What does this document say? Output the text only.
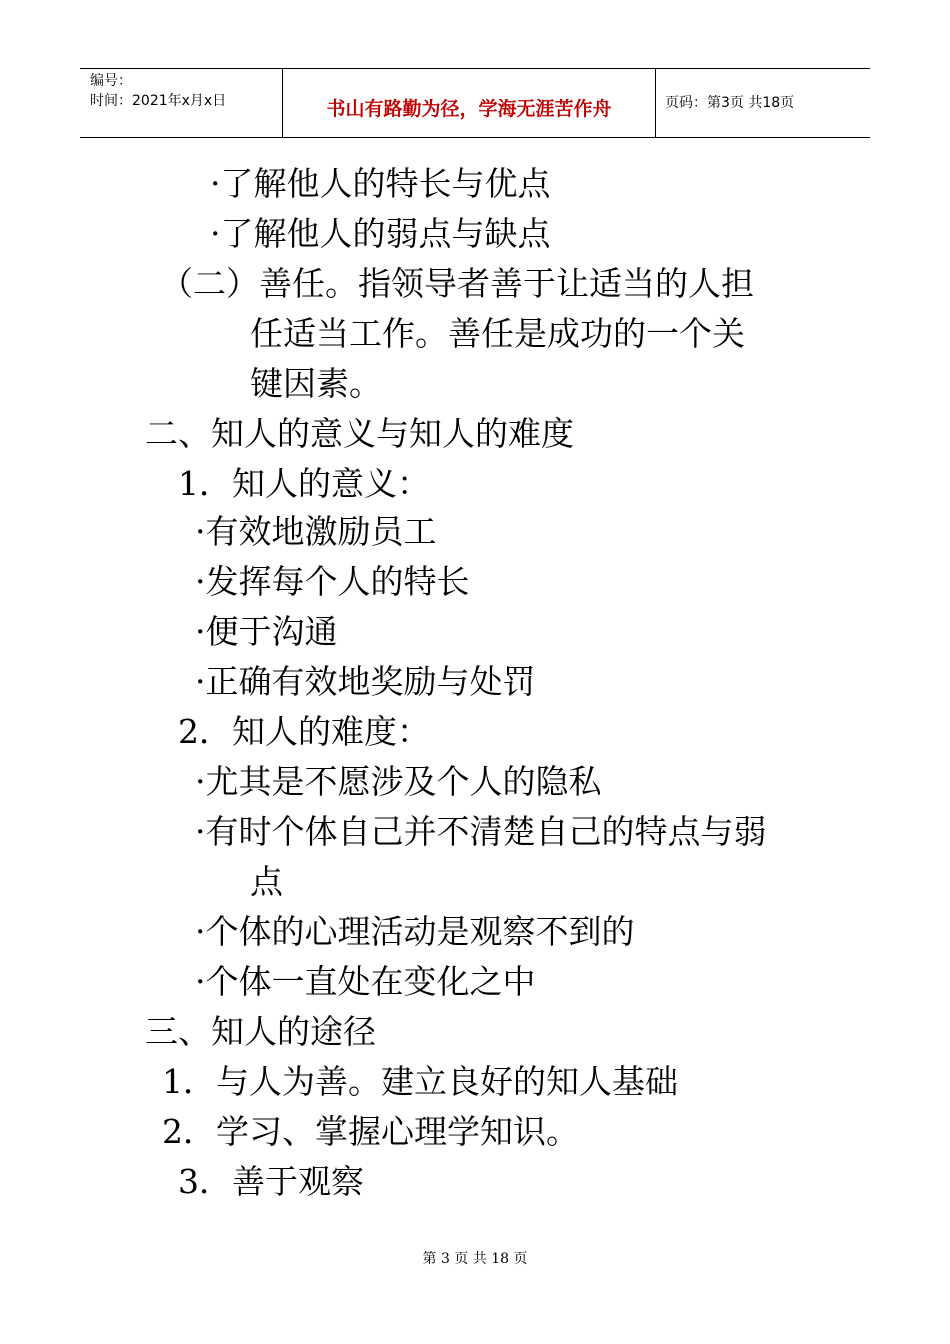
编号：
时间：2021年x月x日	书山有路勤为径，学海无涯苦作舟	页码：第3页 共18页
·了解他人的特长与优点
·了解他人的弱点与缺点
（二）善任。指领导者善于让适当的人担
任适当工作。善任是成功的一个关
键因素。
二、知人的意义与知人的难度
1．知人的意义：
·有效地激励员工
·发挥每个人的特长
·便于沟通
·正确有效地奖励与处罚
2．知人的难度：
·尤其是不愿涉及个人的隐私
·有时个体自己并不清楚自己的特点与弱
点
·个体的心理活动是观察不到的
·个体一直处在变化之中
三、知人的途径
1．与人为善。建立良好的知人基础
2．学习、掌握心理学知识。
3．善于观察
第 3 页 共 18 页
